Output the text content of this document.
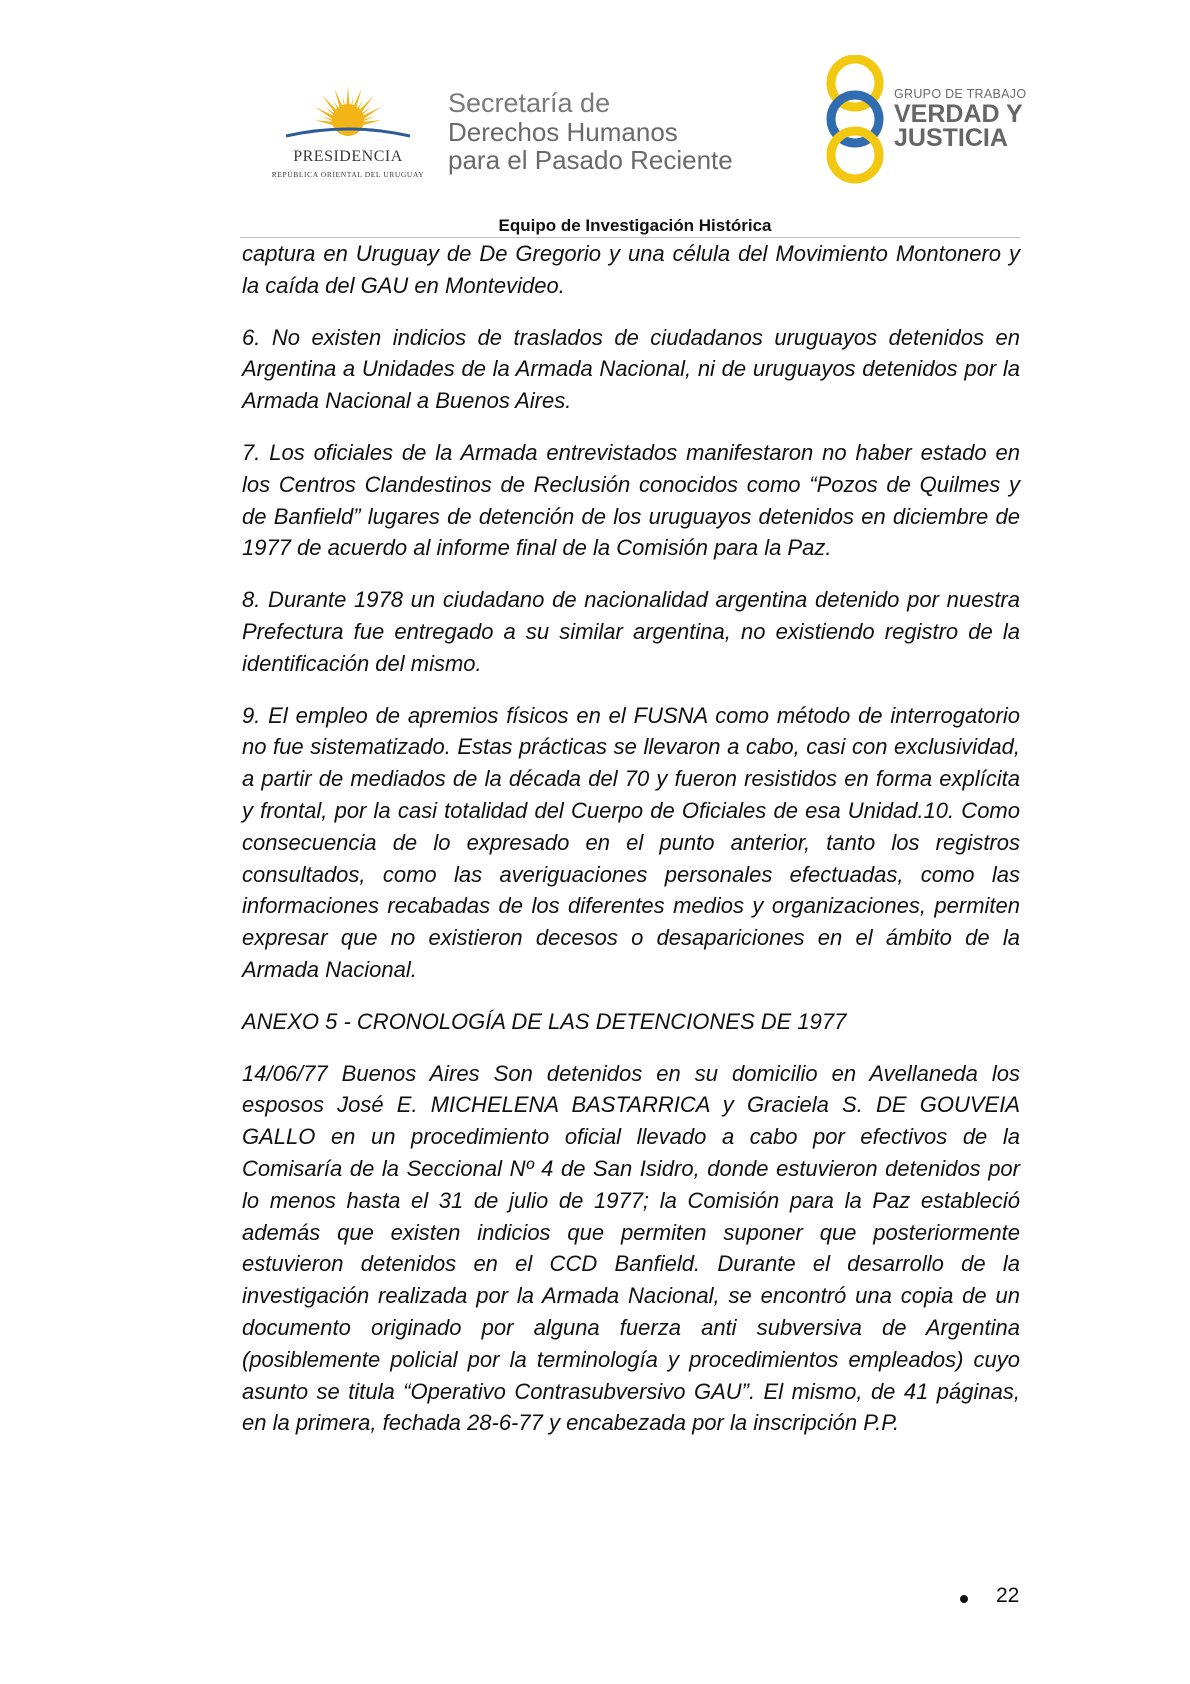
PRESIDENCIA
REPÚBLICA ORIENTAL DEL URUGUAY
Secretaría de
Derechos Humanos
para el Pasado Reciente
GRUPO DE TRABAJO
VERDAD Y
JUSTICIA
Equipo de Investigación Histórica

captura en Uruguay de De Gregorio y una célula del Movimiento Montonero y la caída del GAU en Montevideo.

6. No existen indicios de traslados de ciudadanos uruguayos detenidos en Argentina a Unidades de la Armada Nacional, ni de uruguayos detenidos por la Armada Nacional a Buenos Aires.

7. Los oficiales de la Armada entrevistados manifestaron no haber estado en los Centros Clandestinos de Reclusión conocidos como “Pozos de Quilmes y de Banfield” lugares de detención de los uruguayos detenidos en diciembre de 1977 de acuerdo al informe final de la Comisión para la Paz.

8. Durante 1978 un ciudadano de nacionalidad argentina detenido por nuestra Prefectura fue entregado a su similar argentina, no existiendo registro de la identificación del mismo.

9. El empleo de apremios físicos en el FUSNA como método de interrogatorio no fue sistematizado. Estas prácticas se llevaron a cabo, casi con exclusividad, a partir de mediados de la década del 70 y fueron resistidos en forma explícita y frontal, por la casi totalidad del Cuerpo de Oficiales de esa Unidad.10. Como consecuencia de lo expresado en el punto anterior, tanto los registros consultados, como las averiguaciones personales efectuadas, como las informaciones recabadas de los diferentes medios y organizaciones, permiten expresar que no existieron decesos o desapariciones en el ámbito de la Armada Nacional.

ANEXO 5 - CRONOLOGÍA DE LAS DETENCIONES DE 1977

14/06/77 Buenos Aires Son detenidos en su domicilio en Avellaneda los esposos José E. MICHELENA BASTARRICA y Graciela S. DE GOUVEIA GALLO en un procedimiento oficial llevado a cabo por efectivos de la Comisaría de la Seccional Nº 4 de San Isidro, donde estuvieron detenidos por lo menos hasta el 31 de julio de 1977; la Comisión para la Paz estableció además que existen indicios que permiten suponer que posteriormente estuvieron detenidos en el CCD Banfield. Durante el desarrollo de la investigación realizada por la Armada Nacional, se encontró una copia de un documento originado por alguna fuerza anti subversiva de Argentina (posiblemente policial por la terminología y procedimientos empleados) cuyo asunto se titula “Operativo Contrasubversivo GAU”. El mismo, de 41 páginas, en la primera, fechada 28-6-77 y encabezada por la inscripción P.P.

22
